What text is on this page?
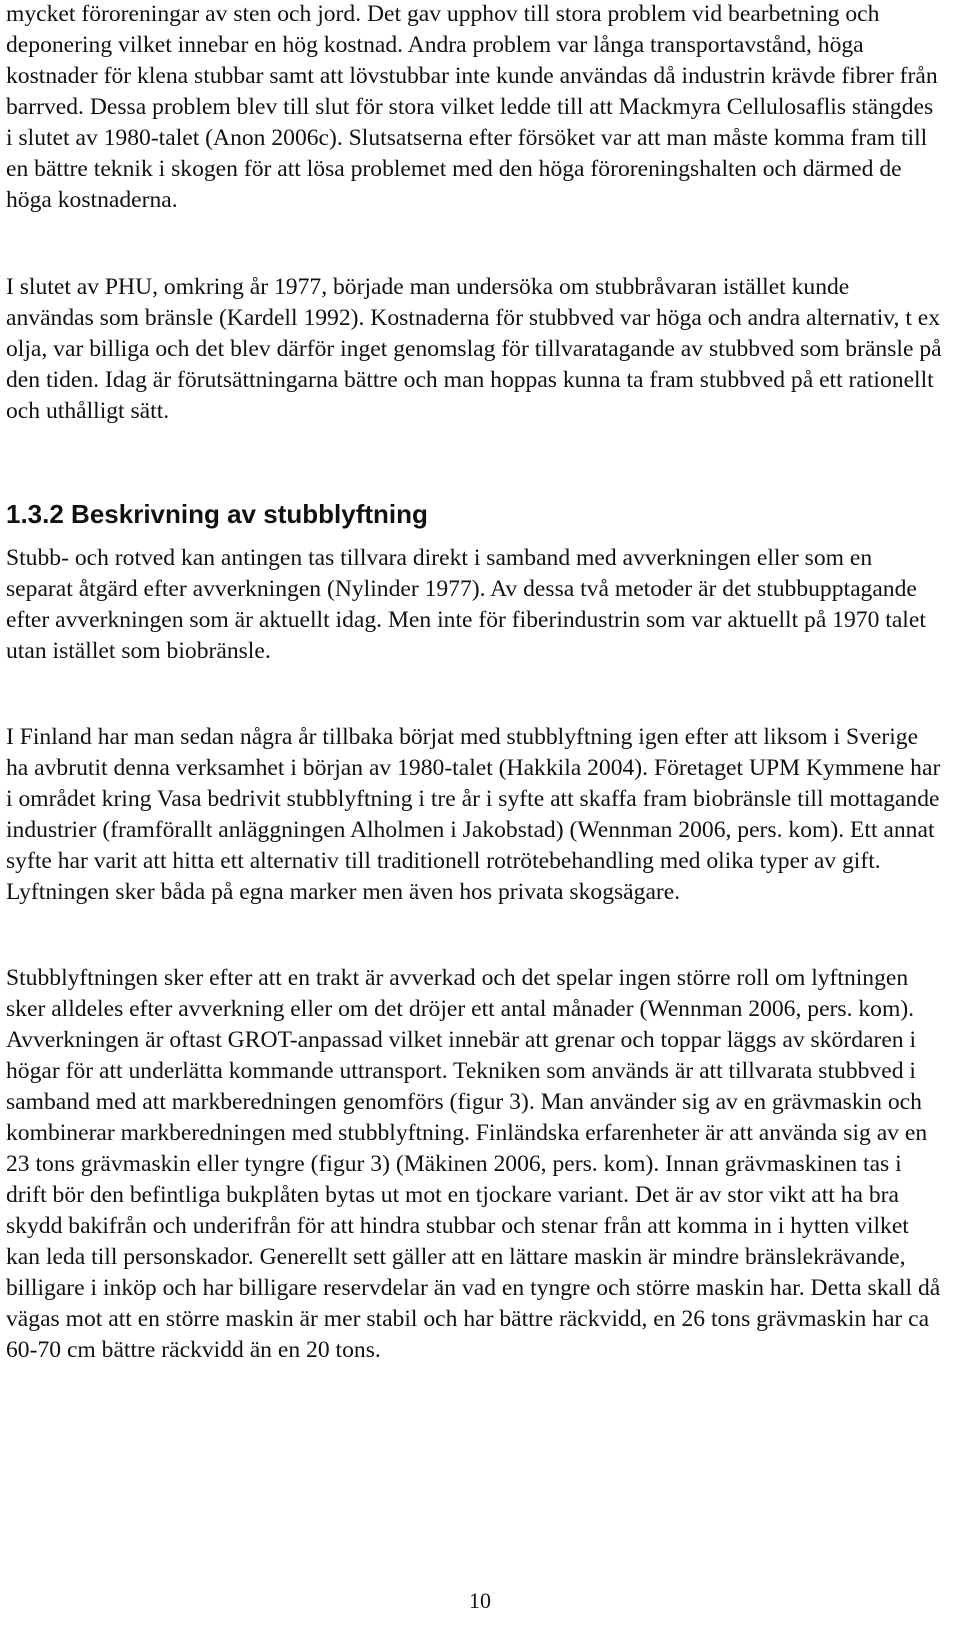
mycket föroreningar av sten och jord. Det gav upphov till stora problem vid bearbetning och deponering vilket innebar en hög kostnad. Andra problem var långa transportavstånd, höga kostnader för klena stubbar samt att lövstubbar inte kunde användas då industrin krävde fibrer från barrved. Dessa problem blev till slut för stora vilket ledde till att Mackmyra Cellulosaflis stängdes i slutet av 1980-talet (Anon 2006c). Slutsatserna efter försöket var att man måste komma fram till en bättre teknik i skogen för att lösa problemet med den höga föroreningshalten och därmed de höga kostnaderna.

I slutet av PHU, omkring år 1977, började man undersöka om stubbråvaran istället kunde användas som bränsle (Kardell 1992). Kostnaderna för stubbved var höga och andra alternativ, t ex olja, var billiga och det blev därför inget genomslag för tillvaratagande av stubbved som bränsle på den tiden. Idag är förutsättningarna bättre och man hoppas kunna ta fram stubbved på ett rationellt och uthålligt sätt.

1.3.2 Beskrivning av stubblyftning

Stubb- och rotved kan antingen tas tillvara direkt i samband med avverkningen eller som en separat åtgärd efter avverkningen (Nylinder 1977). Av dessa två metoder är det stubbupptagande efter avverkningen som är aktuellt idag. Men inte för fiberindustrin som var aktuellt på 1970 talet utan istället som biobränsle.

I Finland har man sedan några år tillbaka börjat med stubblyftning igen efter att liksom i Sverige ha avbrutit denna verksamhet i början av 1980-talet (Hakkila 2004). Företaget UPM Kymmene har i området kring Vasa bedrivit stubblyftning i tre år i syfte att skaffa fram biobränsle till mottagande industrier (framförallt anläggningen Alholmen i Jakobstad) (Wennman 2006, pers. kom). Ett annat syfte har varit att hitta ett alternativ till traditionell rotrötebehandling med olika typer av gift. Lyftningen sker båda på egna marker men även hos privata skogsägare.

Stubblyftningen sker efter att en trakt är avverkad och det spelar ingen större roll om lyftningen sker alldeles efter avverkning eller om det dröjer ett antal månader (Wennman 2006, pers. kom). Avverkningen är oftast GROT-anpassad vilket innebär att grenar och toppar läggs av skördaren i högar för att underlätta kommande uttransport. Tekniken som används är att tillvarata stubbved i samband med att markberedningen genomförs (figur 3). Man använder sig av en grävmaskin och kombinerar markberedningen med stubblyftning. Finländska erfarenheter är att använda sig av en 23 tons grävmaskin eller tyngre (figur 3) (Mäkinen 2006, pers. kom). Innan grävmaskinen tas i drift bör den befintliga bukplåten bytas ut mot en tjockare variant. Det är av stor vikt att ha bra skydd bakifrån och underifrån för att hindra stubbar och stenar från att komma in i hytten vilket kan leda till personskador. Generellt sett gäller att en lättare maskin är mindre bränslekrävande, billigare i inköp och har billigare reservdelar än vad en tyngre och större maskin har. Detta skall då vägas mot att en större maskin är mer stabil och har bättre räckvidd, en 26 tons grävmaskin har ca 60-70 cm bättre räckvidd än en 20 tons.

10
